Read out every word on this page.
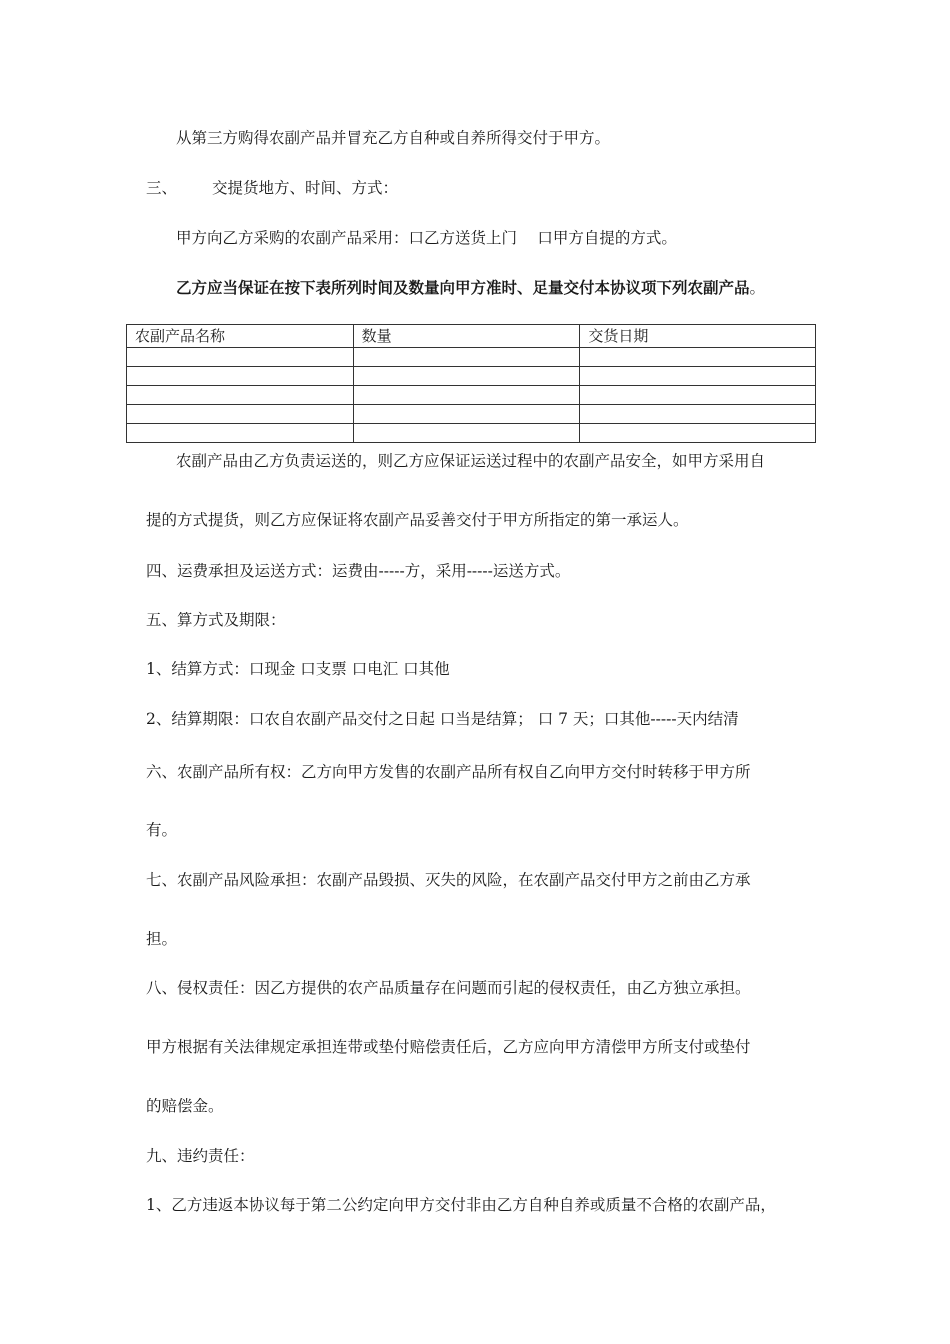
从第三方购得农副产品并冒充乙方自种或自养所得交付于甲方。
三、 交提货地方、时间、方式：
甲方向乙方采购的农副产品采用：口乙方送货上门 　口甲方自提的方式。
乙方应当保证在按下表所列时间及数量向甲方准时、足量交付本协议项下列农副产品。
农副产品名称	数量	交货日期

农副产品由乙方负责运送的，则乙方应保证运送过程中的农副产品安全，如甲方采用自
提的方式提货，则乙方应保证将农副产品妥善交付于甲方所指定的第一承运人。
四、运费承担及运送方式：运费由-----方，采用-----运送方式。
五、算方式及期限：
1、结算方式：口现金 口支票 口电汇 口其他
2、结算期限：口农自农副产品交付之日起 口当是结算； 口 7 天；口其他-----天内结清
六、农副产品所有权：乙方向甲方发售的农副产品所有权自乙向甲方交付时转移于甲方所
有。
七、农副产品风险承担：农副产品毁损、灭失的风险，在农副产品交付甲方之前由乙方承
担。
八、侵权责任：因乙方提供的农产品质量存在问题而引起的侵权责任，由乙方独立承担。
甲方根据有关法律规定承担连带或垫付赔偿责任后，乙方应向甲方清偿甲方所支付或垫付
的赔偿金。
九、违约责任：
1、乙方违返本协议每于第二公约定向甲方交付非由乙方自种自养或质量不合格的农副产品，
